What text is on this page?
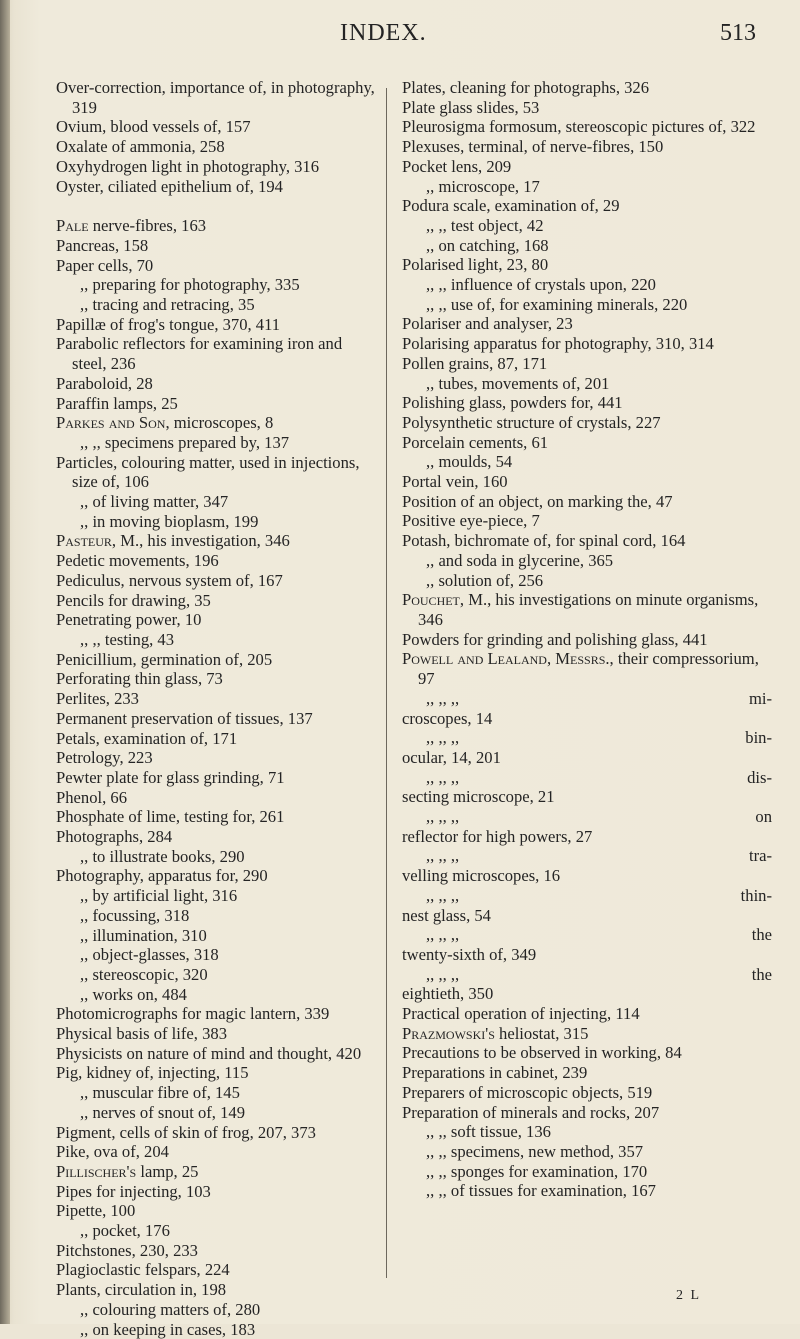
INDEX.	513
Over-correction, importance of, in photography, 319
Ovium, blood vessels of, 157
Oxalate of ammonia, 258
Oxyhydrogen light in photography, 316
Oyster, ciliated epithelium of, 194
Pale nerve-fibres, 163
Pancreas, 158
Paper cells, 70
,, preparing for photography, 335
,, tracing and retracing, 35
Papillæ of frog's tongue, 370, 411
Parabolic reflectors for examining iron and steel, 236
Paraboloid, 28
Paraffin lamps, 25
Parkes and Son, microscopes, 8
,, ,, specimens prepared by, 137
Particles, colouring matter, used in injections, size of, 106
,, of living matter, 347
,, in moving bioplasm, 199
Pasteur, M., his investigation, 346
Pedetic movements, 196
Pediculus, nervous system of, 167
Pencils for drawing, 35
Penetrating power, 10
,, ,, testing, 43
Penicillium, germination of, 205
Perforating thin glass, 73
Perlites, 233
Permanent preservation of tissues, 137
Petals, examination of, 171
Petrology, 223
Pewter plate for glass grinding, 71
Phenol, 66
Phosphate of lime, testing for, 261
Photographs, 284
,, to illustrate books, 290
Photography, apparatus for, 290
,, by artificial light, 316
,, focussing, 318
,, illumination, 310
,, object-glasses, 318
,, stereoscopic, 320
,, works on, 484
Photomicrographs for magic lantern, 339
Physical basis of life, 383
Physicists on nature of mind and thought, 420
Pig, kidney of, injecting, 115
,, muscular fibre of, 145
,, nerves of snout of, 149
Pigment, cells of skin of frog, 207, 373
Pike, ova of, 204
Pillischer's lamp, 25
Pipes for injecting, 103
Pipette, 100
,, pocket, 176
Pitchstones, 230, 233
Plagioclastic felspars, 224
Plants, circulation in, 198
,, colouring matters of, 280
,, on keeping in cases, 183
Plates, cleaning for photographs, 326
Plate glass slides, 53
Pleurosigma formosum, stereoscopic pictures of, 322
Plexuses, terminal, of nerve-fibres, 150
Pocket lens, 209
,, microscope, 17
Podura scale, examination of, 29
,, ,, test object, 42
,, on catching, 168
Polarised light, 23, 80
,, ,, influence of crystals upon, 220
,, ,, use of, for examining minerals, 220
Polariser and analyser, 23
Polarising apparatus for photography, 310, 314
Pollen grains, 87, 171
,, tubes, movements of, 201
Polishing glass, powders for, 441
Polysynthetic structure of crystals, 227
Porcelain cements, 61
,, moulds, 54
Portal vein, 160
Position of an object, on marking the, 47
Positive eye-piece, 7
Potash, bichromate of, for spinal cord, 164
,, and soda in glycerine, 365
,, solution of, 256
Pouchet, M., his investigations on minute organisms, 346
Powders for grinding and polishing glass, 441
Powell and Lealand, Messrs., their compressorium, 97
,, ,, ,,	mi-
croscopes, 14
,, ,, ,,	bin-
ocular, 14, 201
,, ,, ,,	dis-
secting microscope, 21
,, ,, ,,	on
reflector for high powers, 27
,, ,, ,,	tra-
velling microscopes, 16
,, ,, ,,	thin-
nest glass, 54
,, ,, ,,	the
twenty-sixth of, 349
,, ,, ,,	the
eightieth, 350
Practical operation of injecting, 114
Prazmowski's heliostat, 315
Precautions to be observed in working, 84
Preparations in cabinet, 239
Preparers of microscopic objects, 519
Preparation of minerals and rocks, 207
,, ,, soft tissue, 136
,, ,, specimens, new method, 357
,, ,, sponges for examination, 170
,, ,, of tissues for examination, 167
2 L
